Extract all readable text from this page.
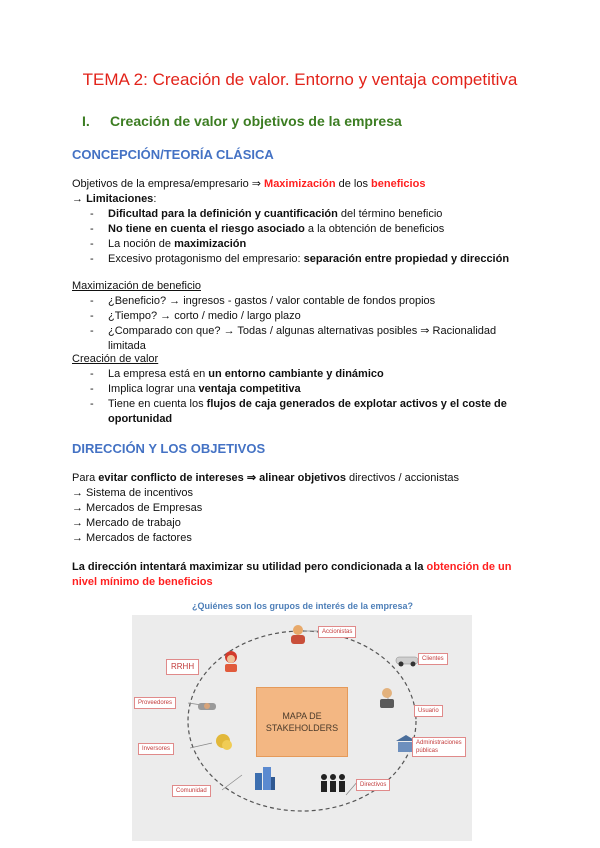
TEMA 2: Creación de valor. Entorno y ventaja competitiva
I. Creación de valor y objetivos de la empresa
CONCEPCIÓN/TEORÍA CLÁSICA
Objetivos de la empresa/empresario ⇒ Maximización de los beneficios
→ Limitaciones:
- Dificultad para la definición y cuantificación del término beneficio
- No tiene en cuenta el riesgo asociado a la obtención de beneficios
- La noción de maximización
- Excesivo protagonismo del empresario: separación entre propiedad y dirección
Maximización de beneficio
- ¿Beneficio? → ingresos - gastos / valor contable de fondos propios
- ¿Tiempo? → corto / medio / largo plazo
- ¿Comparado con que? → Todas / algunas alternativas posibles ⇒ Racionalidad limitada
Creación de valor
- La empresa está en un entorno cambiante y dinámico
- Implica lograr una ventaja competitiva
- Tiene en cuenta los flujos de caja generados de explotar activos y el coste de oportunidad
DIRECCIÓN Y LOS OBJETIVOS
Para evitar conflicto de intereses ⇒ alinear objetivos directivos / accionistas
→ Sistema de incentivos
→ Mercados de Empresas
→ Mercado de trabajo
→ Mercados de factores
La dirección intentará maximizar su utilidad pero condicionada a la obtención de un nivel mínimo de beneficios
¿Quiénes son los grupos de interés de la empresa?
Accionistas
Clientes
Usuario
Administraciones públicas
Directivos
Comunidad
Inversores
Proveedores
RRHH
MAPA DE
STAKEHOLDERS
